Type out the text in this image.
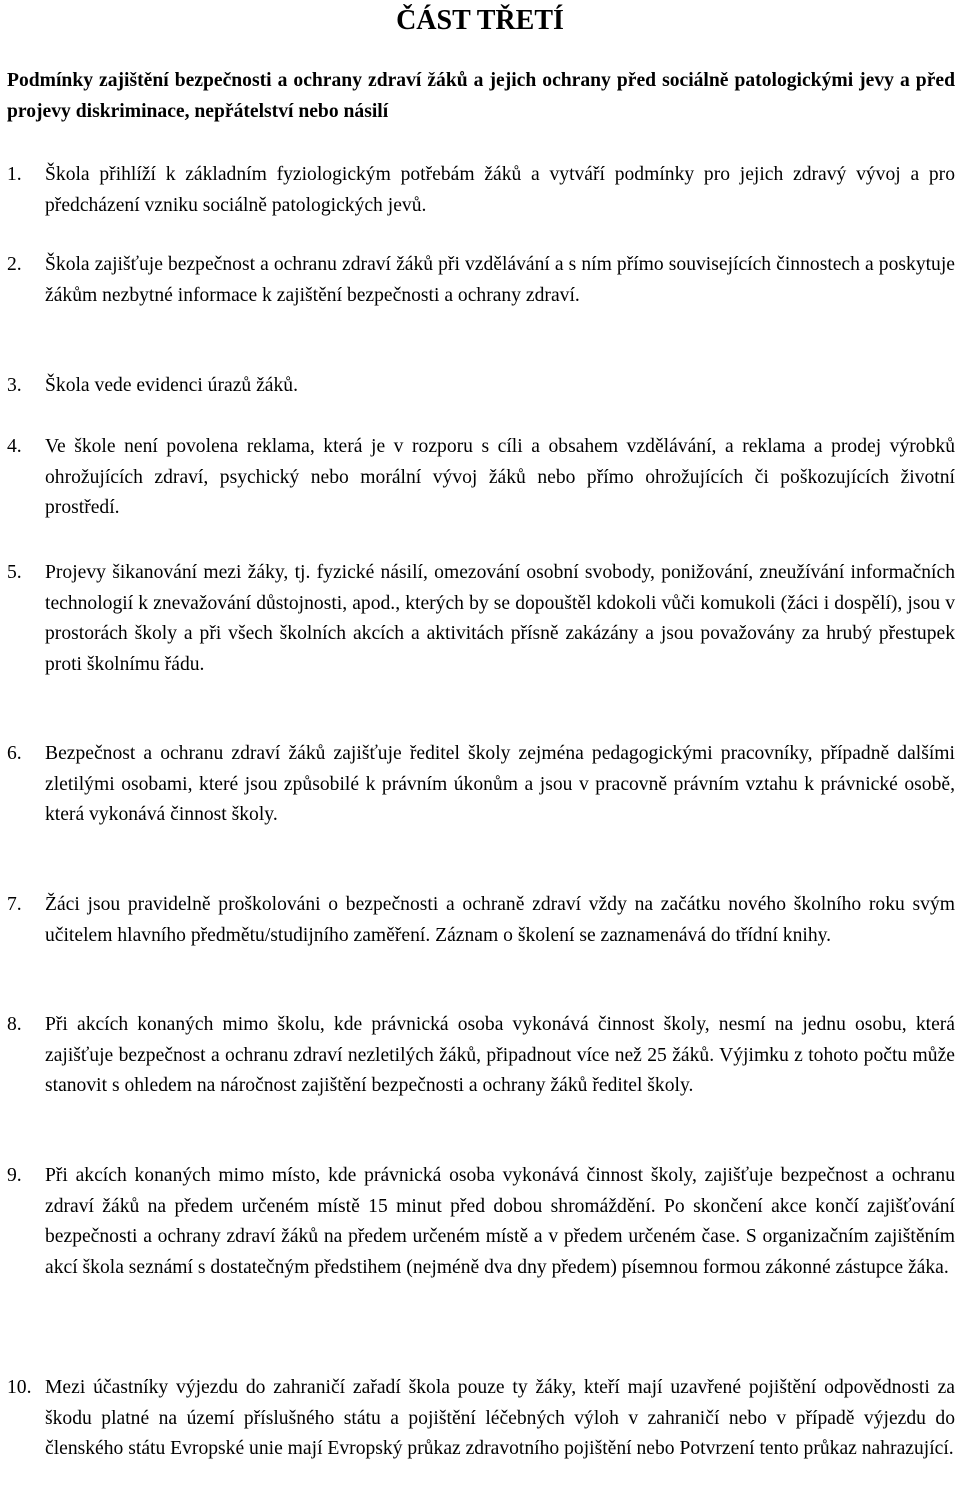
ČÁST TŘETÍ

Podmínky zajištění bezpečnosti a ochrany zdraví žáků a jejich ochrany před sociálně patologickými jevy a před projevy diskriminace, nepřátelství nebo násilí

1.	Škola přihlíží k základním fyziologickým potřebám žáků a vytváří podmínky pro jejich zdravý vývoj a pro předcházení vzniku sociálně patologických jevů.
2.	Škola zajišťuje bezpečnost a ochranu zdraví žáků při vzdělávání a s ním přímo souvisejících činnostech a poskytuje žákům nezbytné informace k zajištění bezpečnosti a ochrany zdraví.
3.	Škola vede evidenci úrazů žáků.
4.	Ve škole není povolena reklama, která je v rozporu s cíli a obsahem vzdělávání, a reklama a prodej výrobků ohrožujících zdraví, psychický nebo morální vývoj žáků nebo přímo ohrožujících či poškozujících životní prostředí.
5.	Projevy šikanování mezi žáky, tj. fyzické násilí, omezování osobní svobody, ponižování, zneužívání informačních technologií k znevažování důstojnosti, apod., kterých by se dopouštěl kdokoli vůči komukoli (žáci i dospělí), jsou v prostorách školy a při všech školních akcích a aktivitách přísně zakázány a jsou považovány za hrubý přestupek proti školnímu řádu.
6.	Bezpečnost a ochranu zdraví žáků zajišťuje ředitel školy zejména pedagogickými pracovníky, případně dalšími zletilými osobami, které jsou způsobilé k právním úkonům a jsou v pracovně právním vztahu k právnické osobě, která vykonává činnost školy.
7.	Žáci jsou pravidelně proškolováni o bezpečnosti a ochraně zdraví vždy na začátku nového školního roku svým učitelem hlavního předmětu/studijního zaměření. Záznam o školení se zaznamenává do třídní knihy.
8.	Při akcích konaných mimo školu, kde právnická osoba vykonává činnost školy, nesmí na jednu osobu, která zajišťuje bezpečnost a ochranu zdraví nezletilých žáků, připadnout více než 25 žáků. Výjimku z tohoto počtu může stanovit s ohledem na náročnost zajištění bezpečnosti a ochrany žáků ředitel školy.
9.	Při akcích konaných mimo místo, kde právnická osoba vykonává činnost školy, zajišťuje bezpečnost a ochranu zdraví žáků na předem určeném místě 15 minut před dobou shromáždění. Po skončení akce končí zajišťování bezpečnosti a ochrany zdraví žáků na předem určeném místě a v předem určeném čase. S organizačním zajištěním akcí škola seznámí s dostatečným předstihem (nejméně dva dny předem) písemnou formou zákonné zástupce žáka.
10. Mezi účastníky výjezdu do zahraničí zařadí škola pouze ty žáky, kteří mají uzavřené pojištění odpovědnosti za škodu platné na území příslušného státu a pojištění léčebných výloh v zahraničí nebo v případě výjezdu do členského státu Evropské unie mají Evropský průkaz zdravotního pojištění nebo Potvrzení tento průkaz nahrazující.
